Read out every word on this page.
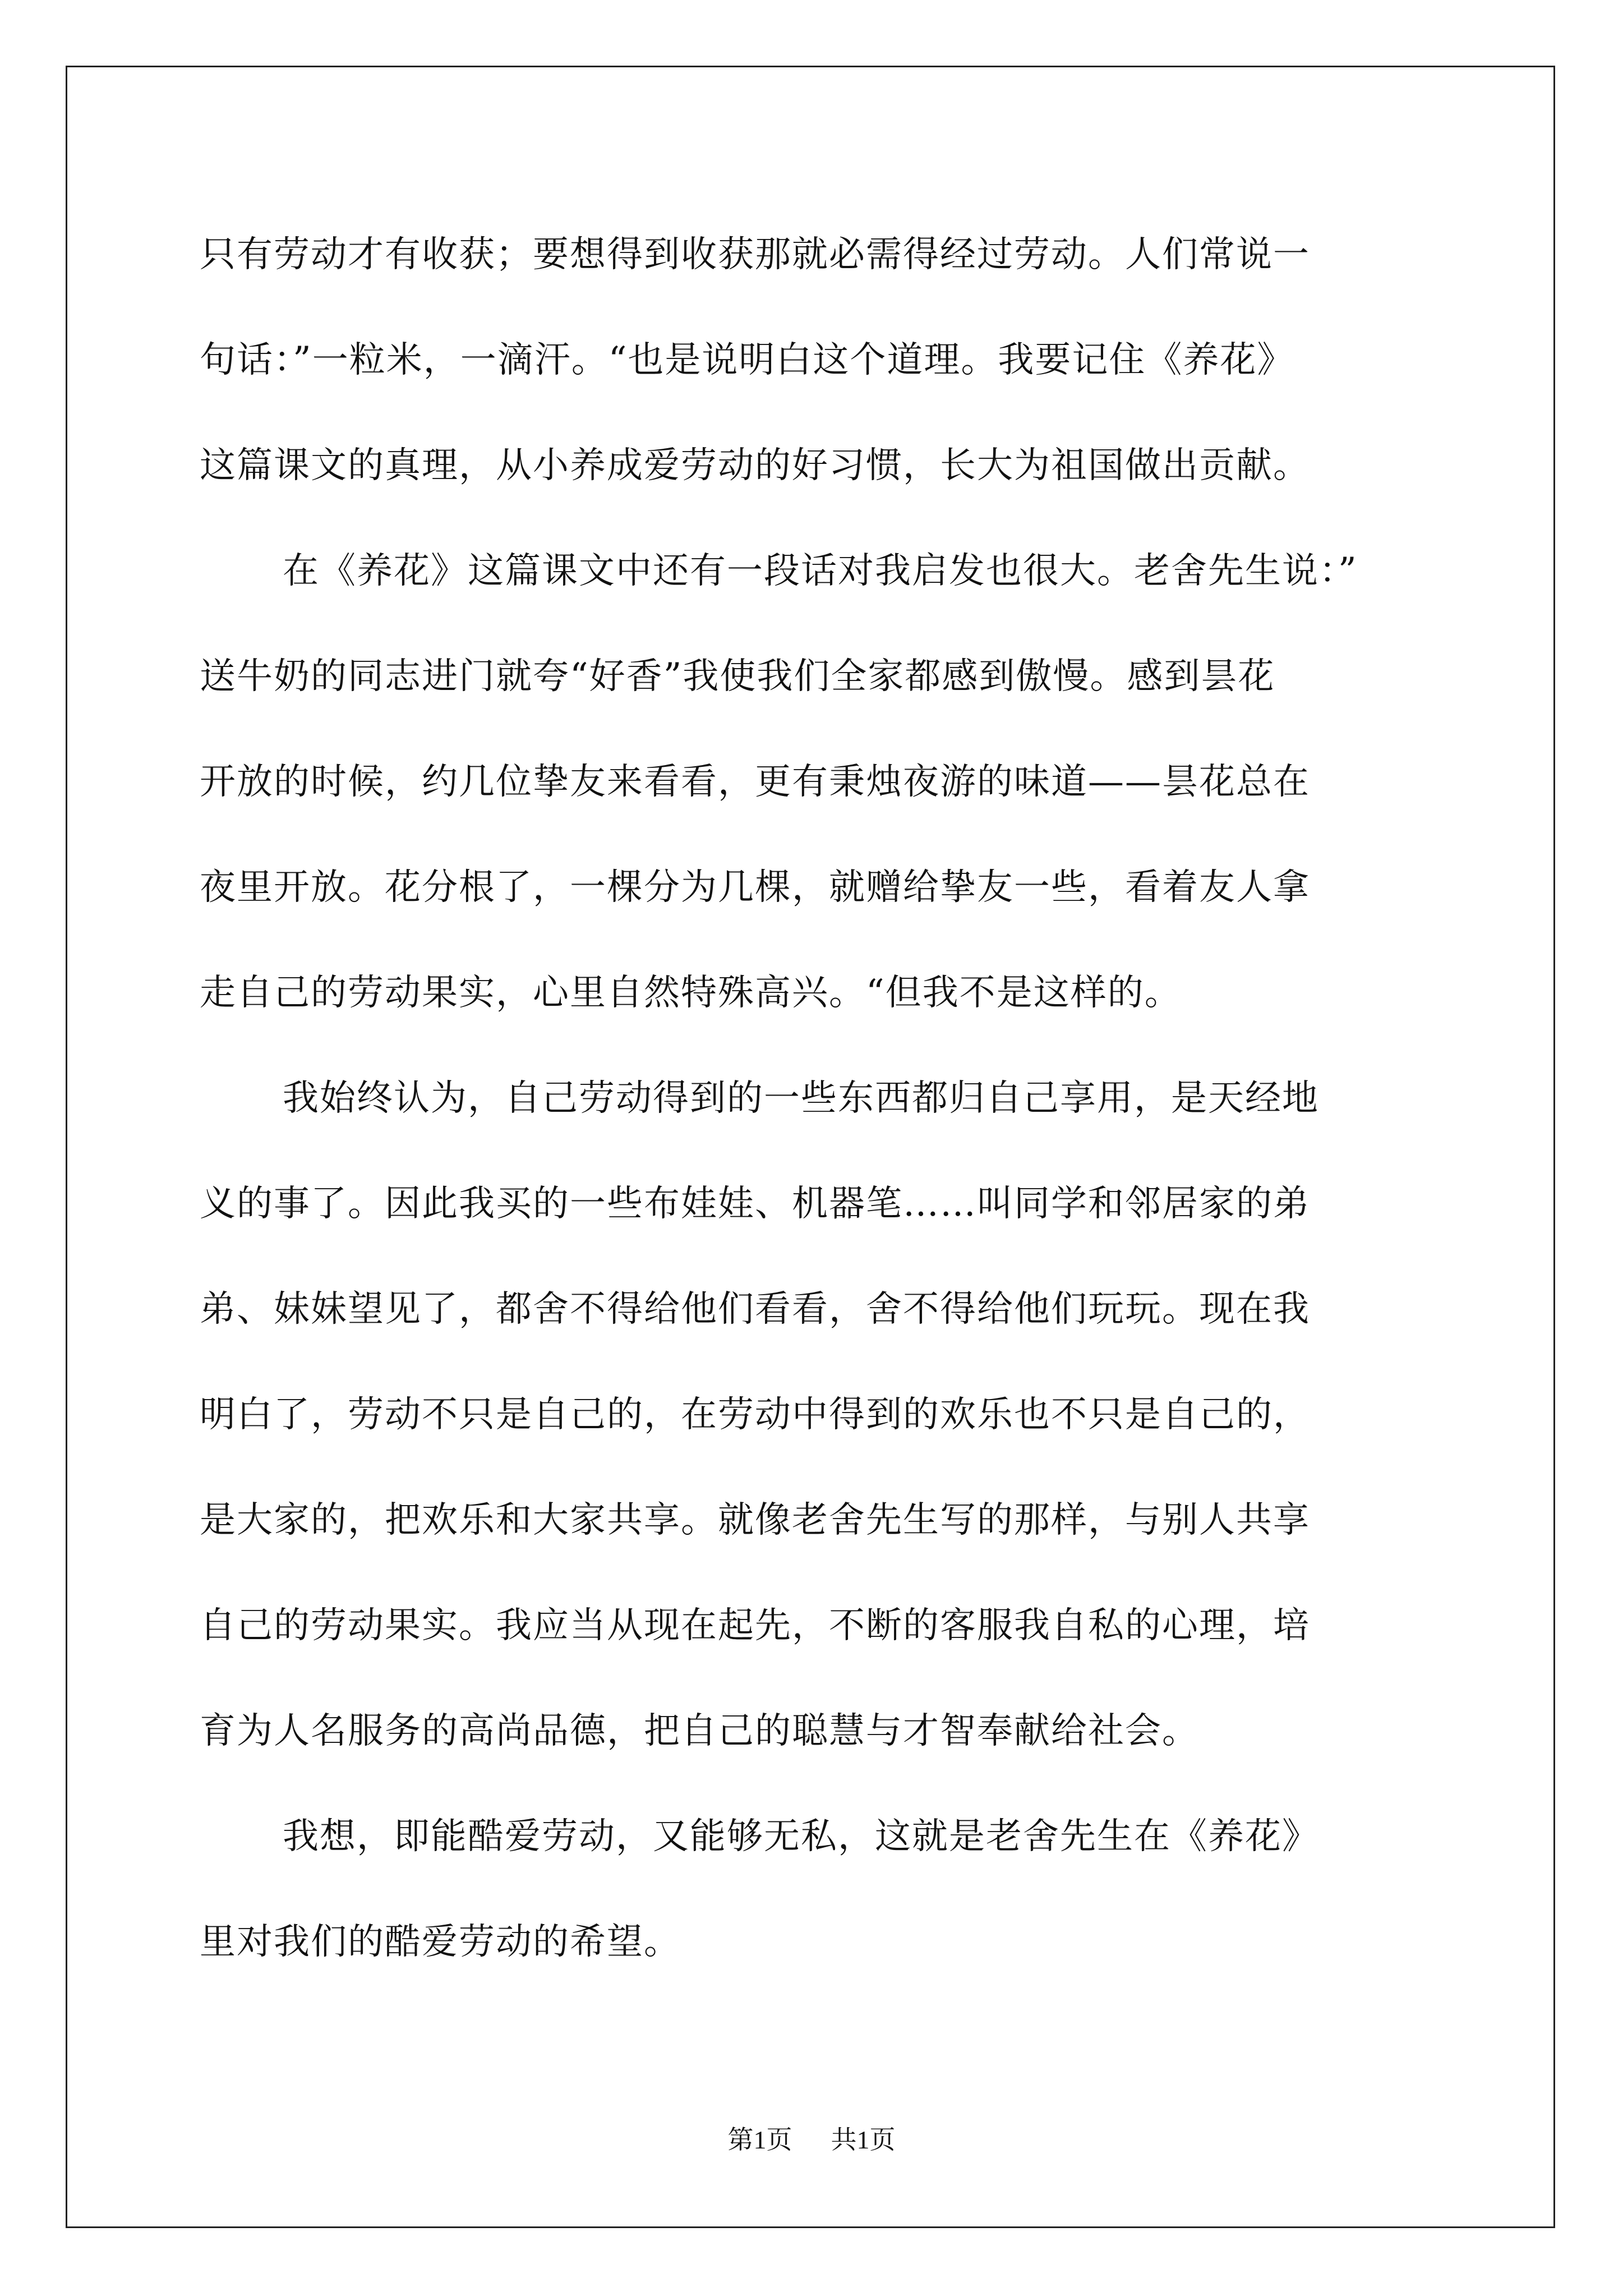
只有劳动才有收获；要想得到收获那就必需得经过劳动。人们常说一
句话：”一粒米，一滴汗。“也是说明白这个道理。我要记住《养花》
这篇课文的真理，从小养成爱劳动的好习惯，长大为祖国做出贡献。
在《养花》这篇课文中还有一段话对我启发也很大。老舍先生说：”
送牛奶的同志进门就夸“好香”我使我们全家都感到傲慢。感到昙花
开放的时候，约几位挚友来看看，更有秉烛夜游的味道——昙花总在
夜里开放。花分根了，一棵分为几棵，就赠给挚友一些，看着友人拿
走自己的劳动果实，心里自然特殊高兴。“但我不是这样的。
我始终认为，自己劳动得到的一些东西都归自己享用，是天经地
义的事了。因此我买的一些布娃娃、机器笔……叫同学和邻居家的弟
弟、妹妹望见了，都舍不得给他们看看，舍不得给他们玩玩。现在我
明白了，劳动不只是自己的，在劳动中得到的欢乐也不只是自己的，
是大家的，把欢乐和大家共享。就像老舍先生写的那样，与别人共享
自己的劳动果实。我应当从现在起先，不断的客服我自私的心理，培
育为人名服务的高尚品德，把自己的聪慧与才智奉献给社会。
我想，即能酷爱劳动，又能够无私，这就是老舍先生在《养花》
里对我们的酷爱劳动的希望。
第1页 共1页
